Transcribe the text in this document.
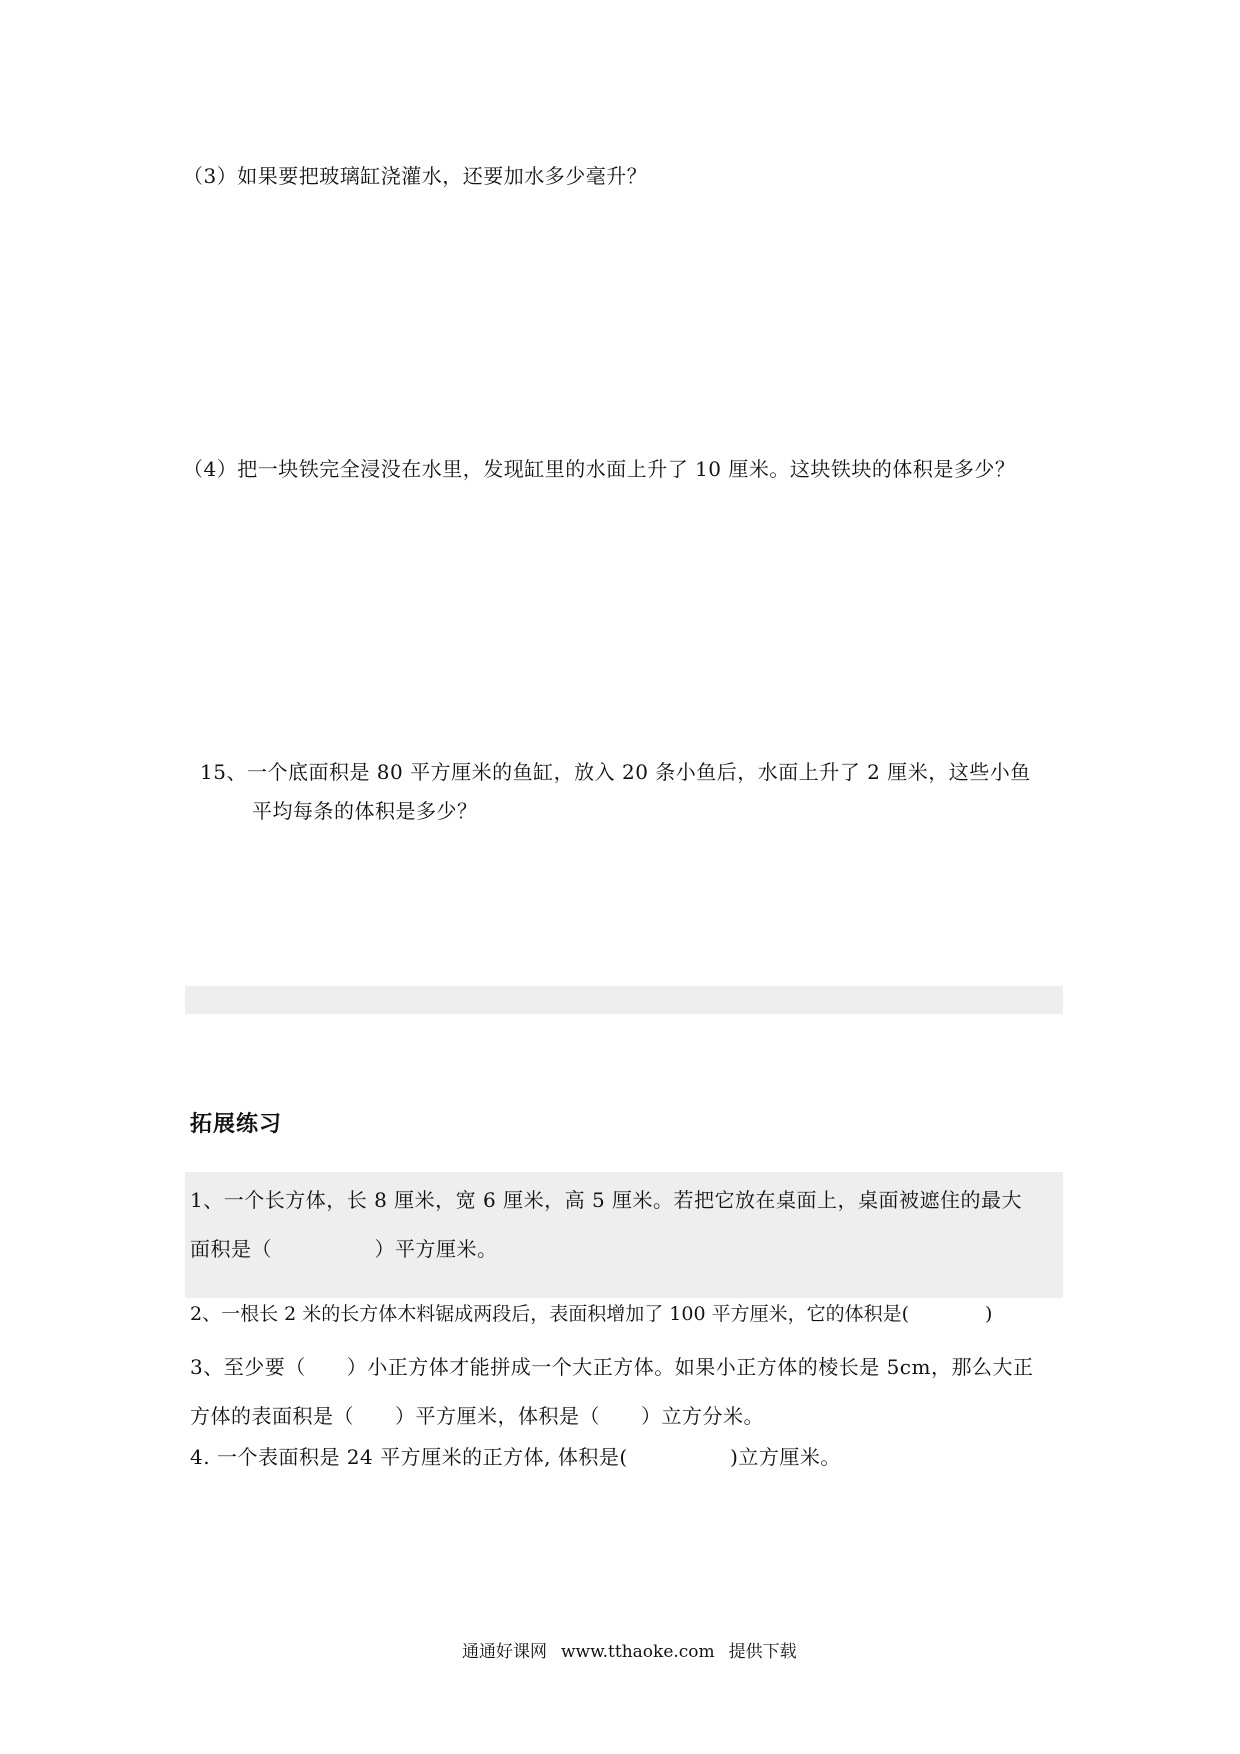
（3）如果要把玻璃缸浇灌水，还要加水多少毫升？
（4）把一块铁完全浸没在水里，发现缸里的水面上升了 10 厘米。这块铁块的体积是多少？
15、一个底面积是 80 平方厘米的鱼缸，放入 20 条小鱼后，水面上升了 2 厘米，这些小鱼
平均每条的体积是多少？
拓展练习
1、一个长方体，长 8 厘米，宽 6 厘米，高 5 厘米。若把它放在桌面上，桌面被遮住的最大
面积是（　　　　　）平方厘米。
2、一根长 2 米的长方体木料锯成两段后，表面积增加了 100 平方厘米，它的体积是(　　　　)
3、至少要（　　）小正方体才能拼成一个大正方体。如果小正方体的棱长是 5cm，那么大正
方体的表面积是（　　）平方厘米，体积是（　　）立方分米。
4. 一个表面积是 24 平方厘米的正方体, 体积是(　　　　　)立方厘米。
通通好课网 www.tthaoke.com 提供下载
